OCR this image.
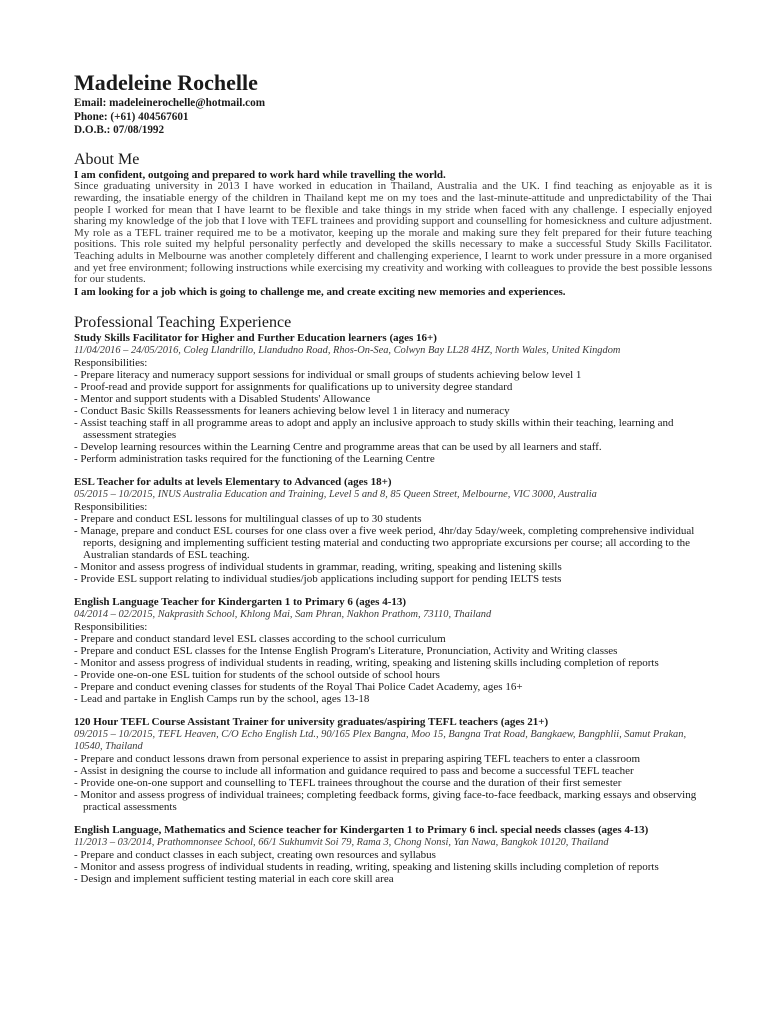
Madeleine Rochelle
Email: madeleinerochelle@hotmail.com
Phone: (+61) 404567601
D.O.B.: 07/08/1992
About Me
I am confident, outgoing and prepared to work hard while travelling the world.
Since graduating university in 2013 I have worked in education in Thailand, Australia and the UK. I find teaching as enjoyable as it is rewarding, the insatiable energy of the children in Thailand kept me on my toes and the last-minute-attitude and unpredictability of the Thai people I worked for mean that I have learnt to be flexible and take things in my stride when faced with any challenge. I especially enjoyed sharing my knowledge of the job that I love with TEFL trainees and providing support and counselling for homesickness and culture adjustment. My role as a TEFL trainer required me to be a motivator, keeping up the morale and making sure they felt prepared for their future teaching positions. This role suited my helpful personality perfectly and developed the skills necessary to make a successful Study Skills Facilitator. Teaching adults in Melbourne was another completely different and challenging experience, I learnt to work under pressure in a more organised and yet free environment; following instructions while exercising my creativity and working with colleagues to provide the best possible lessons for our students.
I am looking for a job which is going to challenge me, and create exciting new memories and experiences.
Professional Teaching Experience
Study Skills Facilitator for Higher and Further Education learners (ages 16+)
11/04/2016 – 24/05/2016, Coleg Llandrillo, Llandudno Road, Rhos-On-Sea, Colwyn Bay LL28 4HZ, North Wales, United Kingdom
Responsibilities:
- Prepare literacy and numeracy support sessions for individual or small groups of students achieving below level 1
- Proof-read and provide support for assignments for qualifications up to university degree standard
- Mentor and support students with a Disabled Students' Allowance
- Conduct Basic Skills Reassessments for leaners achieving below level 1 in literacy and numeracy
- Assist teaching staff in all programme areas to adopt and apply an inclusive approach to study skills within their teaching, learning and assessment strategies
- Develop learning resources within the Learning Centre and programme areas that can be used by all learners and staff.
- Perform administration tasks required for the functioning of the Learning Centre
ESL Teacher for adults at levels Elementary to Advanced (ages 18+)
05/2015 – 10/2015, INUS Australia Education and Training, Level 5 and 8, 85 Queen Street, Melbourne, VIC 3000, Australia
Responsibilities:
- Prepare and conduct ESL lessons for multilingual classes of up to 30 students
- Manage, prepare and conduct ESL courses for one class over a five week period, 4hr/day 5day/week, completing comprehensive individual reports, designing and implementing sufficient testing material and conducting two appropriate excursions per course; all according to the Australian standards of ESL teaching.
- Monitor and assess progress of individual students in grammar, reading, writing, speaking and listening skills
- Provide ESL support relating to individual studies/job applications including support for pending IELTS tests
English Language Teacher for Kindergarten 1 to Primary 6 (ages 4-13)
04/2014 – 02/2015, Nakprasith School, Khlong Mai, Sam Phran, Nakhon Prathom, 73110, Thailand
Responsibilities:
- Prepare and conduct standard level ESL classes according to the school curriculum
- Prepare and conduct ESL classes for the Intense English Program's Literature, Pronunciation, Activity and Writing classes
- Monitor and assess progress of individual students in reading, writing, speaking and listening skills including completion of reports
- Provide one-on-one ESL tuition for students of the school outside of school hours
- Prepare and conduct evening classes for students of the Royal Thai Police Cadet Academy, ages 16+
- Lead and partake in English Camps run by the school, ages 13-18
120 Hour TEFL Course Assistant Trainer for university graduates/aspiring TEFL teachers (ages 21+)
09/2015 – 10/2015, TEFL Heaven, C/O Echo English Ltd., 90/165 Plex Bangna, Moo 15, Bangna Trat Road, Bangkaew, Bangphlii, Samut Prakan, 10540, Thailand
- Prepare and conduct lessons drawn from personal experience to assist in preparing aspiring TEFL teachers to enter a classroom
- Assist in designing the course to include all information and guidance required to pass and become a successful TEFL teacher
- Provide one-on-one support and counselling to TEFL trainees throughout the course and the duration of their first semester
- Monitor and assess progress of individual trainees; completing feedback forms, giving face-to-face feedback, marking essays and observing practical assessments
English Language, Mathematics and Science teacher for Kindergarten 1 to Primary 6 incl. special needs classes (ages 4-13)
11/2013 – 03/2014, Prathomnonsee School, 66/1 Sukhumvit Soi 79, Rama 3, Chong Nonsi, Yan Nawa, Bangkok 10120, Thailand
- Prepare and conduct classes in each subject, creating own resources and syllabus
- Monitor and assess progress of individual students in reading, writing, speaking and listening skills including completion of reports
- Design and implement sufficient testing material in each core skill area
